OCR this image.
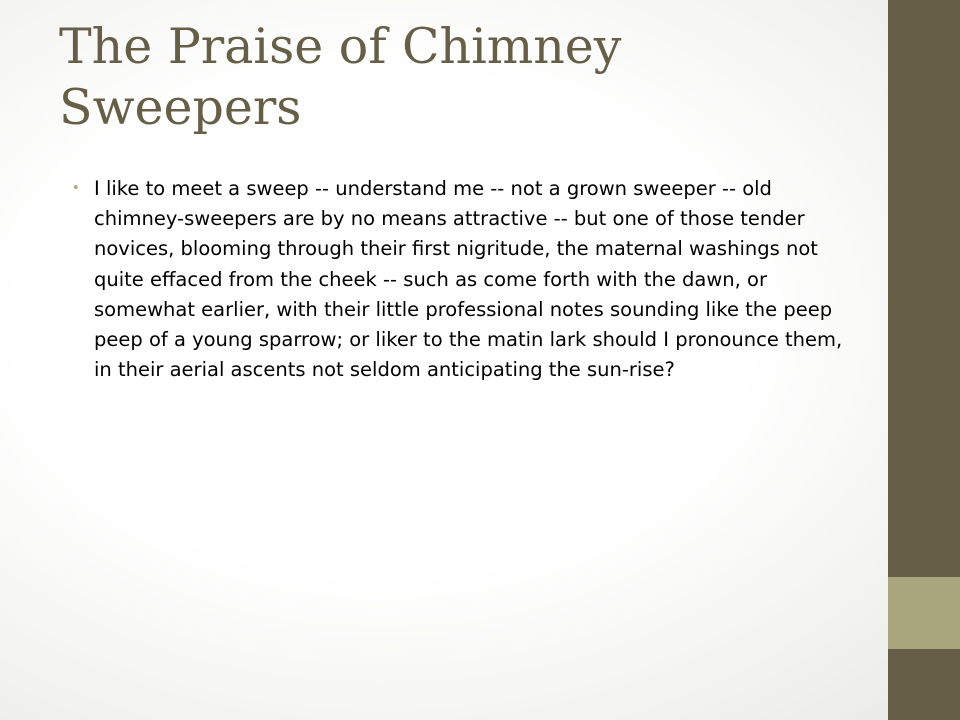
The Praise of Chimney Sweepers
• I like to meet a sweep -- understand me -- not a grown sweeper -- old chimney-sweepers are by no means attractive -- but one of those tender novices, blooming through their first nigritude, the maternal washings not quite effaced from the cheek -- such as come forth with the dawn, or somewhat earlier, with their little professional notes sounding like the peep peep of a young sparrow; or liker to the matin lark should I pronounce them, in their aerial ascents not seldom anticipating the sun-rise?
